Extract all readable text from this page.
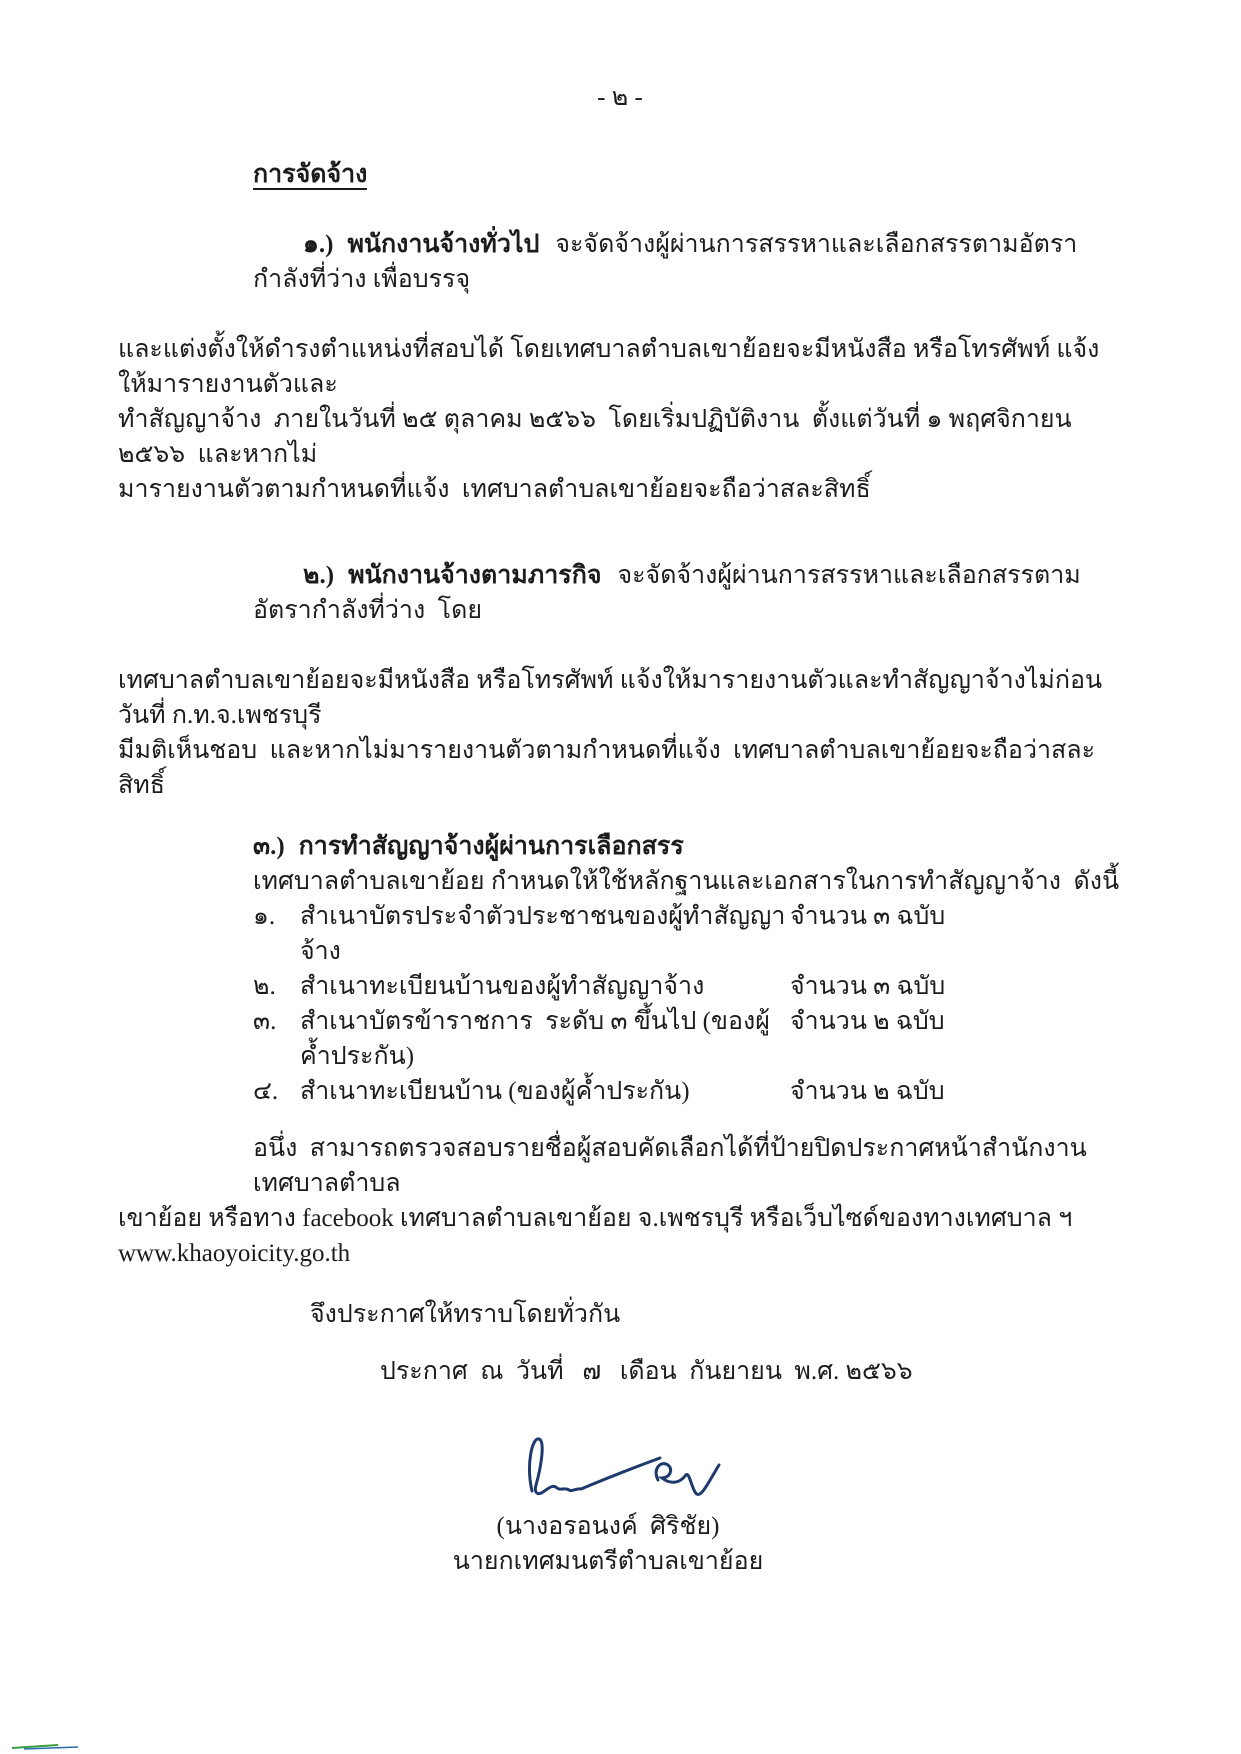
- ๒ -
การจัดจ้าง

๑.) พนักงานจ้างทั่วไป จะจัดจ้างผู้ผ่านการสรรหาและเลือกสรรตามอัตรากำลังที่ว่าง เพื่อบรรจุ

และแต่งตั้งให้ดำรงตำแหน่งที่สอบได้ โดยเทศบาลตำบลเขาย้อยจะมีหนังสือ หรือโทรศัพท์ แจ้งให้มารายงานตัวและ
ทำสัญญาจ้าง  ภายในวันที่ ๒๕ ตุลาคม ๒๕๖๖  โดยเริ่มปฏิบัติงาน  ตั้งแต่วันที่ ๑ พฤศจิกายน ๒๕๖๖  และหากไม่
มารายงานตัวตามกำหนดที่แจ้ง  เทศบาลตำบลเขาย้อยจะถือว่าสละสิทธิ์

๒.) พนักงานจ้างตามภารกิจ จะจัดจ้างผู้ผ่านการสรรหาและเลือกสรรตามอัตรากำลังที่ว่าง  โดย

เทศบาลตำบลเขาย้อยจะมีหนังสือ หรือโทรศัพท์ แจ้งให้มารายงานตัวและทำสัญญาจ้างไม่ก่อนวันที่ ก.ท.จ.เพชรบุรี
มีมติเห็นชอบ  และหากไม่มารายงานตัวตามกำหนดที่แจ้ง  เทศบาลตำบลเขาย้อยจะถือว่าสละสิทธิ์
๓.) การทำสัญญาจ้างผู้ผ่านการเลือกสรร
เทศบาลตำบลเขาย้อย กำหนดให้ใช้หลักฐานและเอกสารในการทำสัญญาจ้าง  ดังนี้
๑. สำเนาบัตรประจำตัวประชาชนของผู้ทำสัญญาจ้าง
จำนวน ๓ ฉบับ
๒. สำเนาทะเบียนบ้านของผู้ทำสัญญาจ้าง	จำนวน ๓ ฉบับ
๓. สำเนาบัตรข้าราชการ  ระดับ ๓ ขึ้นไป (ของผู้ค้ำประกัน)
จำนวน ๒ ฉบับ
๔. สำเนาทะเบียนบ้าน (ของผู้ค้ำประกัน)	จำนวน ๒ ฉบับ
อนึ่ง  สามารถตรวจสอบรายชื่อผู้สอบคัดเลือกได้ที่ป้ายปิดประกาศหน้าสำนักงานเทศบาลตำบล
เขาย้อย หรือทาง facebook เทศบาลตำบลเขาย้อย จ.เพชรบุรี หรือเว็บไซด์ของทางเทศบาล ฯ
www.khaoyoicity.go.th
จึงประกาศให้ทราบโดยทั่วกัน
ประกาศ  ณ  วันที่   ๗   เดือน  กันยายน  พ.ศ. ๒๕๖๖
(นางอรอนงค์  ศิริชัย)
นายกเทศมนตรีตำบลเขาย้อย
